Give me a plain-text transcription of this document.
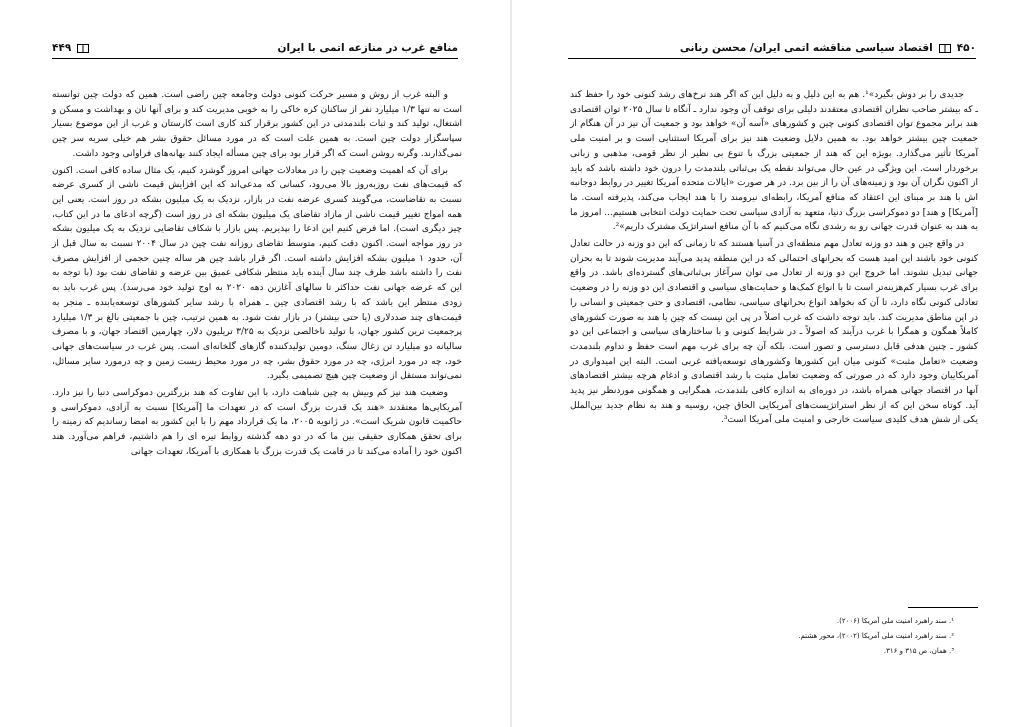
منافع غرب در منازعه اتمی با ایران
۴۴۹

و البته غرب از روش و مسیر حرکت کنونی دولت وجامعه چین راضی است. همین که دولت چین توانسته است نه تنها ۱/۳ میلیارد نفر از ساکنان کره خاکی را به خوبی مدیریت کند و برای آنها نان و بهداشت و مسکن و اشتغال، تولید کند و ثبات بلندمدتی در این کشور برقرار کند کاری است کارستان و غرب از این موضوع بسیار سپاسگزار دولت چین است. به همین علت است که در مورد مسائل حقوق بشر هم خیلی سربه سر چین نمی‌گذارند. وگرنه روشن است که اگر قرار بود برای چین مسأله ایجاد کنند بهانه‌های فراوانی وجود داشت.

برای آن که اهمیت وضعیت چین را در معادلات جهانی امروز گوشزد کنیم، یک مثال ساده کافی است. اکنون که قیمت‌های نفت روزبه‌روز بالا می‌رود، کسانی که مدعی‌اند که این افزایش قیمت ناشی از کسری عرضه نسبت به تقاضاست، می‌گویند کسری عرضه نفت در بازار، نزدیک به یک میلیون بشکه در روز است. یعنی این همه امواج تغییر قیمت ناشی از مازاد تقاضای یک میلیون بشکه ای در روز است (گرچه ادعای ما در این کتاب، چیز دیگری است). اما فرض کنیم این ادعا را بپذیریم. پس بازار با شکاف تقاضایی نزدیک به یک میلیون بشکه در روز مواجه است. اکنون دقت کنیم، متوسط تقاضای روزانه نفت چین در سال ۲۰۰۴ نسبت به سال قبل از آن، حدود ۱ میلیون بشکه افزایش داشته است. اگر قرار باشد چین هر ساله چنین حجمی از افزایش مصرف نفت را داشته باشد ظرف چند سال آینده باید منتظر شکافی عمیق بین عرضه و تقاضای نفت بود (با توجه به این که عرضه جهانی نفت حداکثر تا سالهای آغازین دهه ۲۰۲۰ به اوج تولید خود می‌رسد). پس غرب باید به زودی منتظر این باشد که با رشد اقتصادی چین ـ همراه با رشد سایر کشورهای توسعه‌یابنده ـ منجر به قیمت‌های چند صددلاری (یا حتی بیشتر) در بازار نفت شود. به همین ترتیب، چین با جمعیتی بالغ بر ۱/۳ میلیارد پرجمعیت ترین کشور جهان، با تولید ناخالصی نزدیک به ۳/۲۵ تریلیون دلار، چهارمین اقتصاد جهان، و با مصرف سالیانه دو میلیارد تن زغال سنگ، دومین تولیدکننده گازهای گلخانه‌ای است. پس غرب در سیاست‌های جهانی خود، چه در مورد انرژی، چه در مورد حقوق بشر، چه در مورد محیط زیست زمین و چه درمورد سایر مسائل، نمی‌تواند مستقل از وضعیت چین هیچ تصمیمی بگیرد.

وضعیت هند نیز کم وبیش به چین شباهت دارد، با این تفاوت که هند بزرگترین دموکراسی دنیا را نیز دارد. آمریکایی‌ها معتقدند «هند یک قدرت بزرگ است که در تعهدات ما [آمریکا] نسبت به آزادی، دموکراسی و حاکمیت قانون شریک است». در ژانویه ۲۰۰۵، ما یک قرارداد مهم را با این کشور به امضا رساندیم که زمینه را برای تحقق همکاری حقیقی بین ما که در دو دهه گذشته روابط تیره ای را هم داشتیم، فراهم می‌آورد. هند اکنون خود را آماده می‌کند تا در قامت یک قدرت بزرگ با همکاری با آمریکا، تعهدات جهانی

۴۵۰
اقتصاد سیاسی مناقشه اتمی ایران/ محسن رنانی

جدیدی را بر دوش بگیرد»¹. هم به این دلیل و به دلیل این که اگر هند نرخ‌های رشد کنونی خود را حفظ کند ـ که بیشتر صاحب نظران اقتصادی معتقدند دلیلی برای توقف آن وجود ندارد ـ آنگاه تا سال ۲۰۲۵ توان اقتصادی هند برابر مجموع توان اقتصادی کنونی چین و کشورهای «آسه آن» خواهد بود و جمعیت آن نیز در آن هنگام از جمعیت چین بیشتر خواهد بود. به همین دلایل وضعیت هند نیز برای آمریکا استثنایی است و بر امنیت ملی آمریکا تأثیر می‌گذارد. بویژه این که هند از جمعیتی بزرگ با تنوع بی نظیر از نظر قومی، مذهبی و زبانی برخوردار است. این ویژگی در عین حال می‌تواند نقطه یک بی‌ثباتی بلندمدت را درون خود داشته باشد که باید از اکنون نگران آن بود و زمینه‌های آن را از بین برد. در هر صورت «ایالات متحده آمریکا تغییر در روابط دوجانبه اش با هند بر مبنای این اعتقاد که منافع آمریکا، رابطه‌ای نیرومند را با هند ایجاب می‌کند، پذیرفته است. ما [آمریکا] و هند] دو دموکراسی بزرگ دنیا، متعهد به آزادی سیاسی تحت حمایت دولت انتخابی هستیم... امروز ما به هند به عنوان قدرت جهانی رو به رشدی نگاه می‌کنیم که با آن منافع استراتژیک مشترک داریم»².

در واقع چین و هند دو وزنه تعادل مهم منطقه‌ای در آسیا هستند که تا زمانی که این دو وزنه در حالت تعادل کنونی خود باشند این امید هست که بحرانهای احتمالی که در این منطقه پدید می‌آیند مدیریت شوند تا به بحران جهانی تبدیل نشوند. اما خروج این دو وزنه از تعادل می توان سرآغاز بی‌ثباتی‌های گسترده‌ای باشد. در واقع برای غرب بسیار کم‌هزینه‌تر است تا با انواع کمک‌ها و حمایت‌های سیاسی و اقتصادی این دو وزنه را در وضعیت تعادلی کنونی نگاه دارد، تا آن که بخواهد انواع بحرانهای سیاسی، نظامی، اقتصادی و حتی جمعیتی و انسانی را در این مناطق مدیریت کند. باید توجه داشت که غرب اصلاً در پی این نیست که چین یا هند به صورت کشورهای کاملاً همگون و همگرا با غرب درآیند که اصولاً ـ در شرایط کنونی و با ساختارهای سیاسی و اجتماعی این دو کشور ـ چنین هدفی قابل دسترسی و تصور است. بلکه آن چه برای غرب مهم است حفظ و تداوم بلندمدت وضعیت «تعامل مثبت» کنونی میان این کشورها وکشورهای توسعه‌یافته غربی است. البته این امیدواری در آمریکاییان وجود دارد که در صورتی که وضعیت تعامل مثبت با رشد اقتصادی و ادغام هرچه بیشتر اقتصادهای آنها در اقتصاد جهانی همراه باشد، در دوره‌ای به اندازه کافی بلندمدت، همگرایی و همگونی موردنظر نیز پدید آید. کوتاه سخن این که از نظر استراتژیست‌های آمریکایی الحاق چین، روسیه و هند به نظام جدید بین‌الملل یکی از شش هدف کلیدی سیاست خارجی و امنیت ملی آمریکا است³.

¹. سند راهبرد امنیت ملی آمریکا (۲۰۰۶).
². سند راهبرد امنیت ملی آمریکا (۲۰۰۲)، محور هشتم.
³. همان، ص ۳۱۵ و ۳۱۶.
